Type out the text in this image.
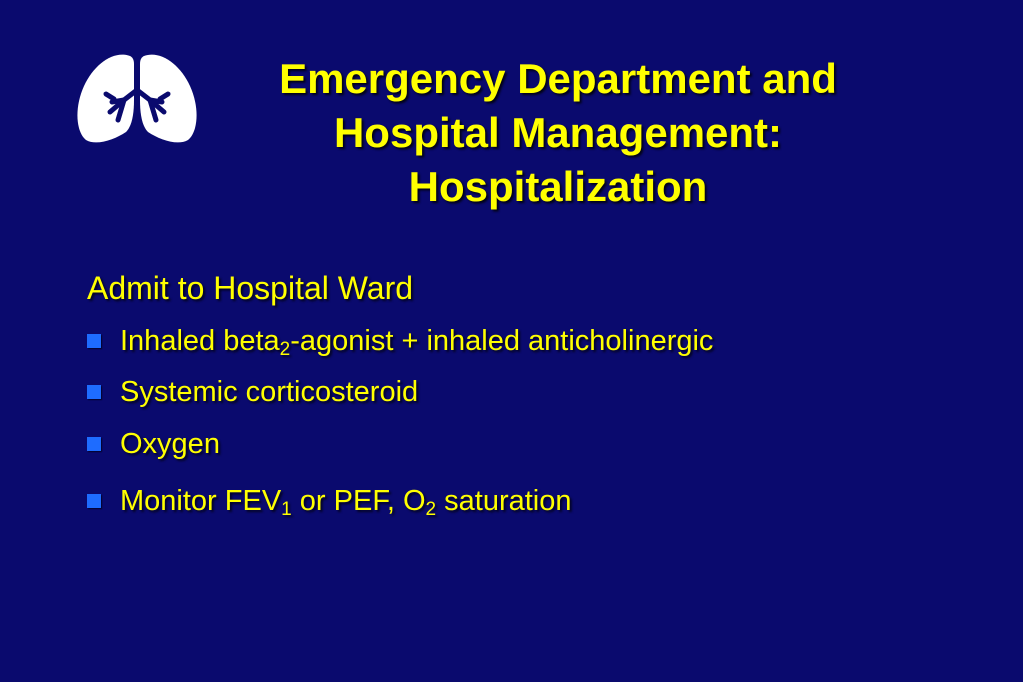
Emergency Department and
Hospital Management:
Hospitalization
Admit to Hospital Ward
Inhaled beta$_2$-agonist + inhaled anticholinergic
Systemic corticosteroid
Oxygen
Monitor $FEV_1$ or PEF, $O_2$ saturation
